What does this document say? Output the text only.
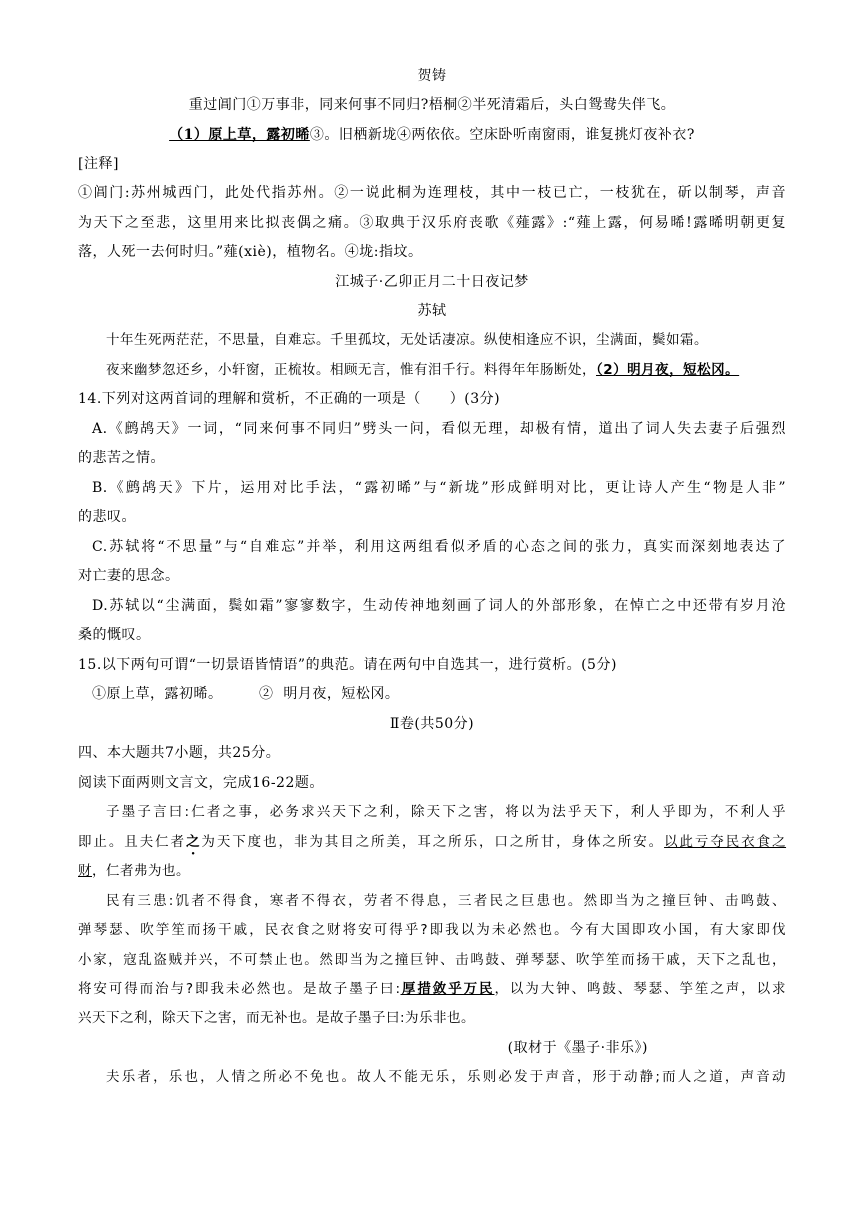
贺铸
重过阊门①万事非，同来何事不同归?梧桐②半死清霜后，头白鸳鸯失伴飞。
（1）原上草，露初晞③。旧栖新垅④两依依。空床卧听南窗雨，谁复挑灯夜补衣?
[注释]
①阊门:苏州城西门，此处代指苏州。②一说此桐为连理枝，其中一枝已亡，一枝犹在，斫以制琴，声音
为天下之至悲，这里用来比拟丧偶之痛。③取典于汉乐府丧歌《薤露》:“薤上露，何易晞!露晞明朝更复
落，人死一去何时归。”薤(xiè)，植物名。④垅:指坟。
江城子·乙卯正月二十日夜记梦
苏轼
十年生死两茫茫，不思量，自难忘。千里孤坟，无处话凄凉。纵使相逢应不识，尘满面，鬓如霜。
夜来幽梦忽还乡，小轩窗，正梳妆。相顾无言，惟有泪千行。料得年年肠断处，（2）明月夜，短松冈。
14.下列对这两首词的理解和赏析，不正确的一项是（　　）(3分)
A.《鹧鸪天》一词，“同来何事不同归”劈头一问，看似无理，却极有情，道出了词人失去妻子后强烈
的悲苦之情。
B.《鹧鸪天》下片，运用对比手法，“露初晞”与“新垅”形成鲜明对比，更让诗人产生“物是人非”
的悲叹。
C.苏轼将“不思量”与“自难忘”并举，利用这两组看似矛盾的心态之间的张力，真实而深刻地表达了
对亡妻的思念。
D.苏轼以“尘满面，鬓如霜”寥寥数字，生动传神地刻画了词人的外部形象，在悼亡之中还带有岁月沧
桑的慨叹。
15.以下两句可谓“一切景语皆情语”的典范。请在两句中自选其一，进行赏析。(5分)
①原上草，露初晞。　　　②  明月夜，短松冈。
Ⅱ卷(共50分)
四、本大题共7小题，共25分。
阅读下面两则文言文，完成16-22题。
子墨子言曰:仁者之事，必务求兴天下之利，除天下之害，将以为法乎天下，利人乎即为，不利人乎
即止。且夫仁者之为天下度也，非为其目之所美，耳之所乐，口之所甘，身体之所安。以此亏夺民衣食之
财，仁者弗为也。
民有三患:饥者不得食，寒者不得衣，劳者不得息，三者民之巨患也。然即当为之撞巨钟、击鸣鼓、
弹琴瑟、吹竽笙而扬干戚，民衣食之财将安可得乎?即我以为未必然也。今有大国即攻小国，有大家即伐
小家，寇乱盗贼并兴，不可禁止也。然即当为之撞巨钟、击鸣鼓、弹琴瑟、吹竽笙而扬干戚，天下之乱也，
将安可得而治与?即我未必然也。是故子墨子曰:厚措敛乎万民，以为大钟、鸣鼓、琴瑟、竽笙之声，以求
兴天下之利，除天下之害，而无补也。是故子墨子曰:为乐非也。
(取材于《墨子·非乐》)
夫乐者，乐也，人情之所必不免也。故人不能无乐，乐则必发于声音，形于动静;而人之道，声音动
